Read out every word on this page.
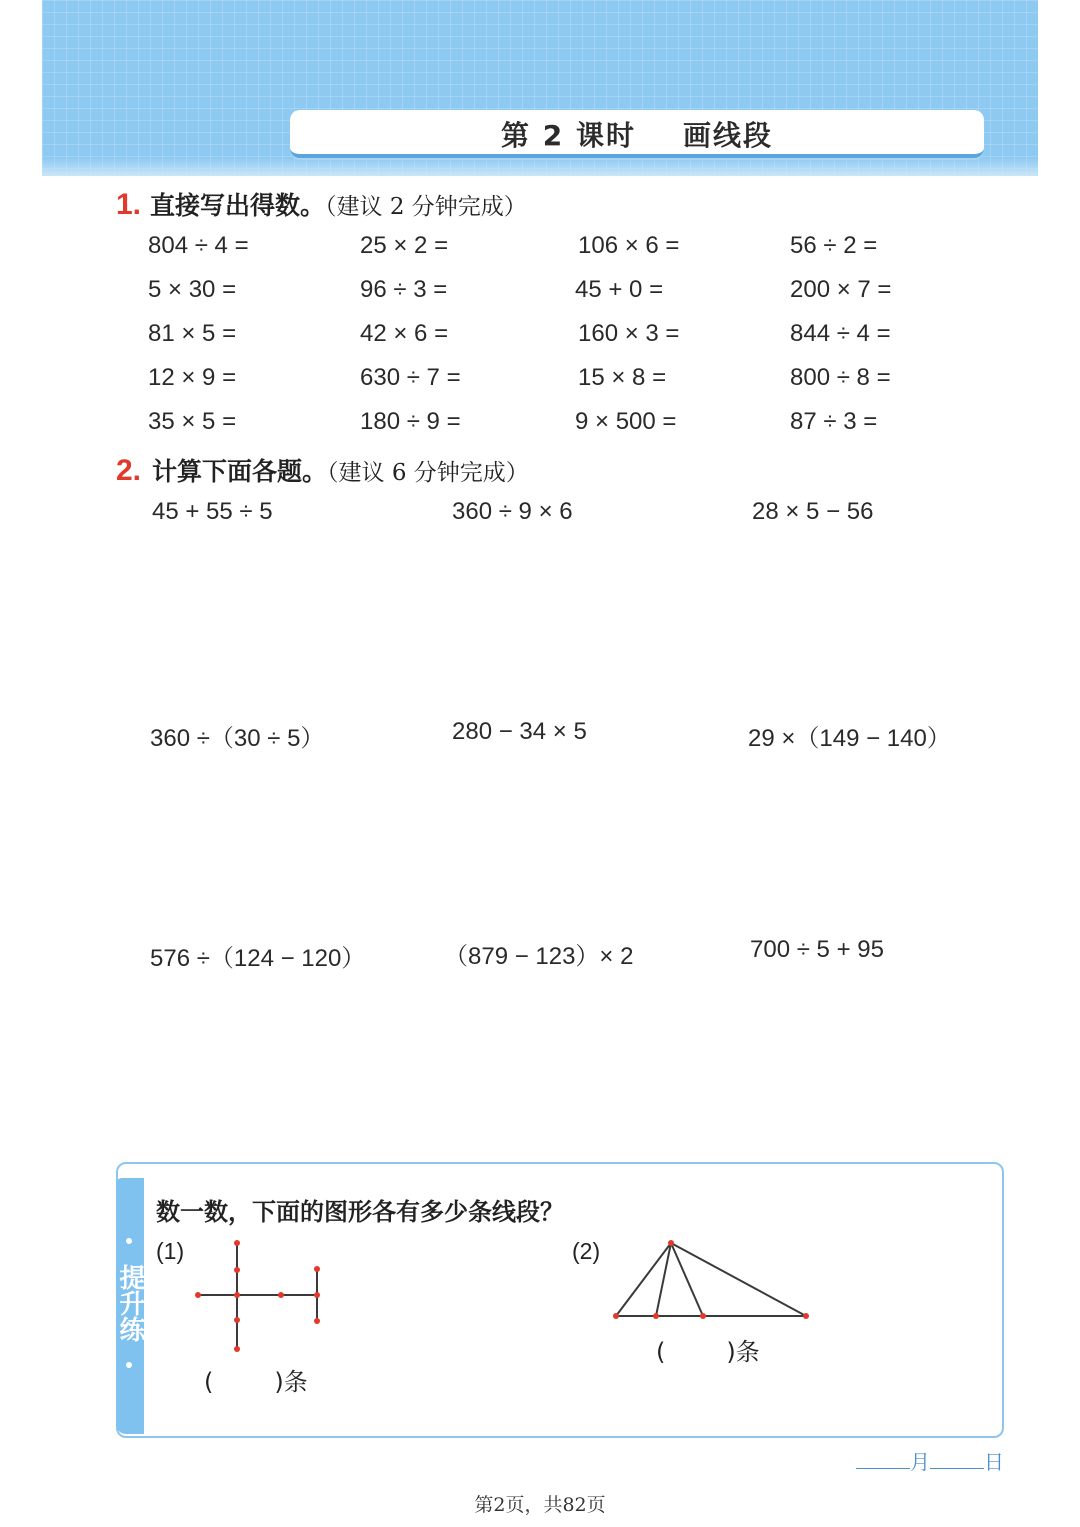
第 2 课时    画线段
1. 直接写出得数。（建议 2 分钟完成）
804 ÷ 4 =	25 × 2 =	106 × 6 =	56 ÷ 2 =
5 × 30 =	96 ÷ 3 =	45 + 0 =	200 × 7 =
81 × 5 =	42 × 6 =	160 × 3 =	844 ÷ 4 =
12 × 9 =	630 ÷ 7 =	15 × 8 =	800 ÷ 8 =
35 × 5 =	180 ÷ 9 =	9 × 500 =	87 ÷ 3 =
2. 计算下面各题。（建议 6 分钟完成）
45 + 55 ÷ 5	360 ÷ 9 × 6	28 × 5 − 56
360 ÷（30 ÷ 5）	280 − 34 × 5	29 ×（149 − 140）
576 ÷（124 − 120）	（879 − 123）× 2	700 ÷ 5 + 95
提升练
数一数，下面的图形各有多少条线段？
(1)	(2)
(        )条
(        )条
月	日
第2页，共82页
